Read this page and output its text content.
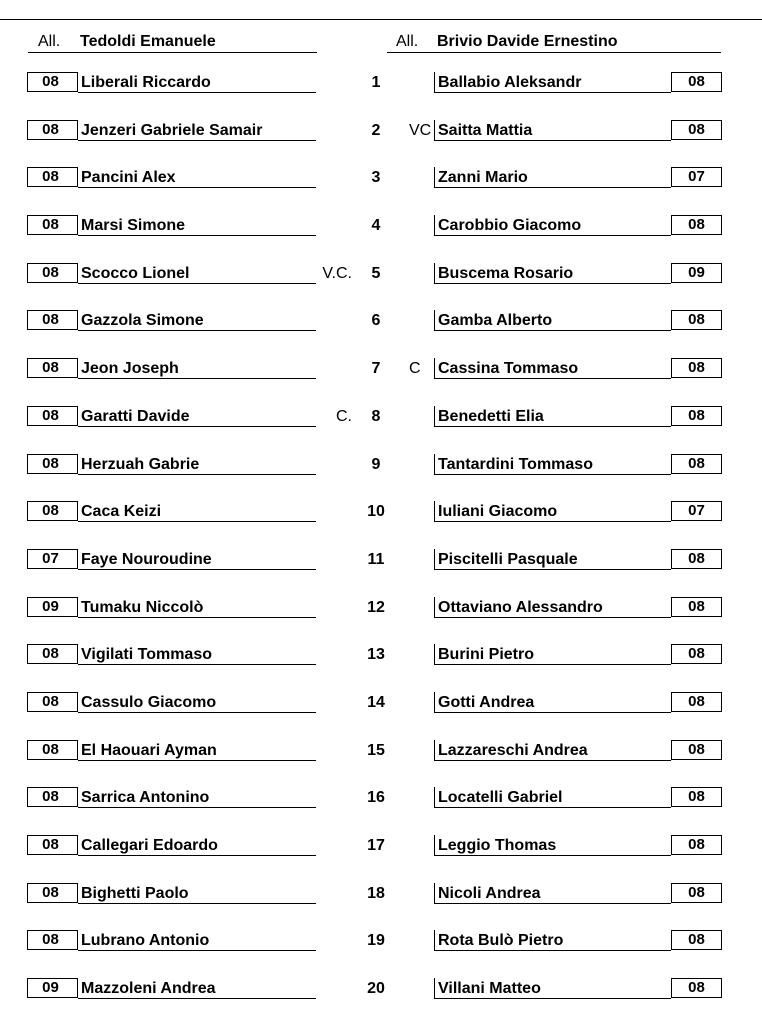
All. Tedoldi Emanuele	All. Brivio Davide Ernestino
08	Liberali Riccardo	1	Ballabio Aleksandr	08
08	Jenzeri Gabriele Samair	2	VC Saitta Mattia	08
08	Pancini Alex	3	Zanni Mario	07
08	Marsi Simone	4	Carobbio Giacomo	08
08	Scocco Lionel	V.C.	5	Buscema Rosario	09
08	Gazzola Simone	6	Gamba Alberto	08
08	Jeon Joseph	7	C Cassina Tommaso	08
08	Garatti Davide	C.	8	Benedetti Elia	08
08	Herzuah Gabrie	9	Tantardini Tommaso	08
08	Caca Keizi	10	Iuliani Giacomo	07
07	Faye Nouroudine	11	Piscitelli Pasquale	08
09	Tumaku Niccolò	12	Ottaviano Alessandro	08
08	Vigilati Tommaso	13	Burini Pietro	08
08	Cassulo Giacomo	14	Gotti Andrea	08
08	El Haouari Ayman	15	Lazzareschi Andrea	08
08	Sarrica Antonino	16	Locatelli Gabriel	08
08	Callegari Edoardo	17	Leggio Thomas	08
08	Bighetti Paolo	18	Nicoli Andrea	08
08	Lubrano Antonio	19	Rota Bulò Pietro	08
09	Mazzoleni Andrea	20	Villani Matteo	08
